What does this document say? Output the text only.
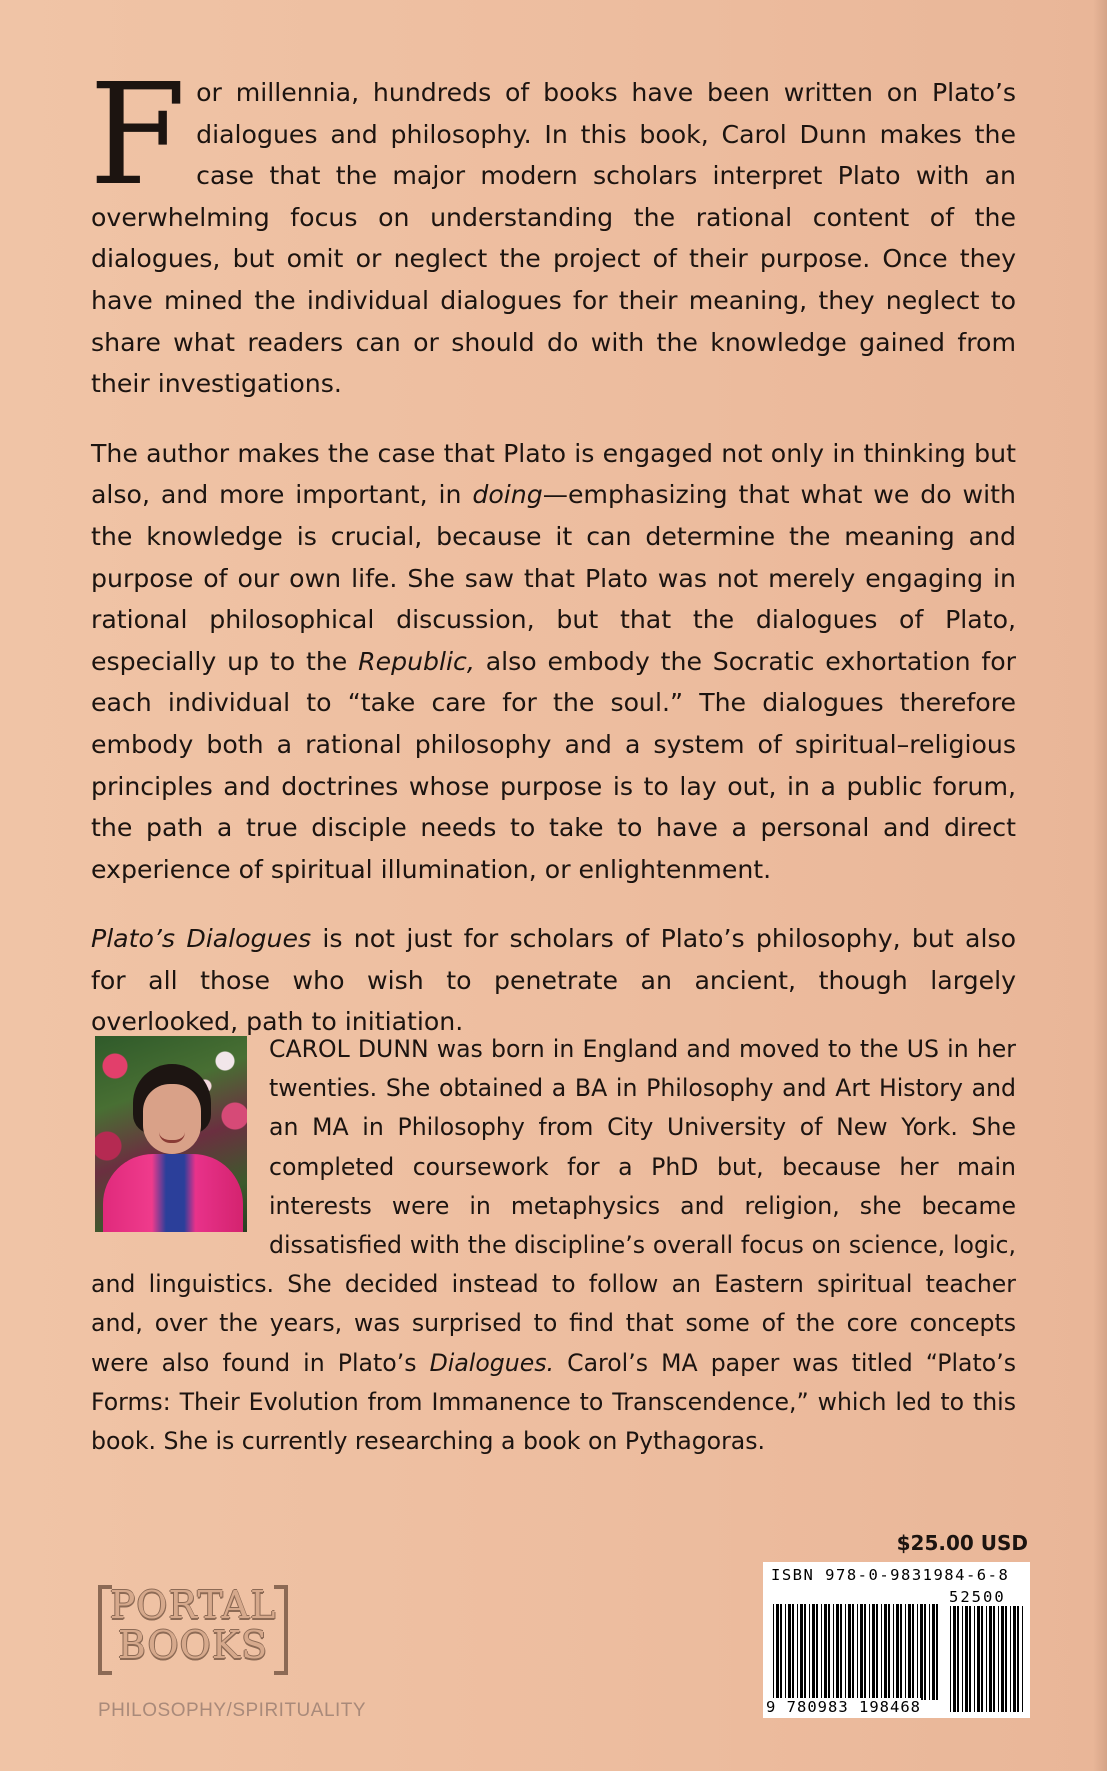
For millennia, hundreds of books have been written on Plato’s dialogues and philosophy. In this book, Carol Dunn makes the case that the major modern scholars interpret Plato with an overwhelming focus on understanding the rational content of the dialogues, but omit or neglect the project of their purpose. Once they have mined the individual dialogues for their meaning, they neglect to share what readers can or should do with the knowledge gained from their investigations.

The author makes the case that Plato is engaged not only in thinking but also, and more important, in doing—emphasizing that what we do with the knowledge is crucial, because it can determine the meaning and purpose of our own life. She saw that Plato was not merely engaging in rational philosophical discussion, but that the dialogues of Plato, especially up to the Republic, also embody the Socratic exhortation for each individual to “take care for the soul.” The dialogues therefore embody both a rational philosophy and a system of spiritual–religious principles and doctrines whose purpose is to lay out, in a public forum, the path a true disciple needs to take to have a personal and direct experience of spiritual illumination, or enlightenment.

Plato’s Dialogues is not just for scholars of Plato’s philosophy, but also for all those who wish to penetrate an ancient, though largely overlooked, path to initiation.

CAROL DUNN was born in England and moved to the US in her twenties. She obtained a BA in Philosophy and Art History and an MA in Philosophy from City University of New York. She completed coursework for a PhD but, because her main interests were in metaphysics and religion, she became dissatisfied with the discipline’s overall focus on science, logic, and linguistics. She decided instead to follow an Eastern spiritual teacher and, over the years, was surprised to find that some of the core concepts were also found in Plato’s Dialogues. Carol’s MA paper was titled “Plato’s Forms: Their Evolution from Immanence to Transcendence,” which led to this book. She is currently researching a book on Pythagoras.
$25.00 USD
ISBN 978-0-9831984-6-8
52500
9 780983 198468
PORTAL
BOOKS
PHILOSOPHY/SPIRITUALITY
